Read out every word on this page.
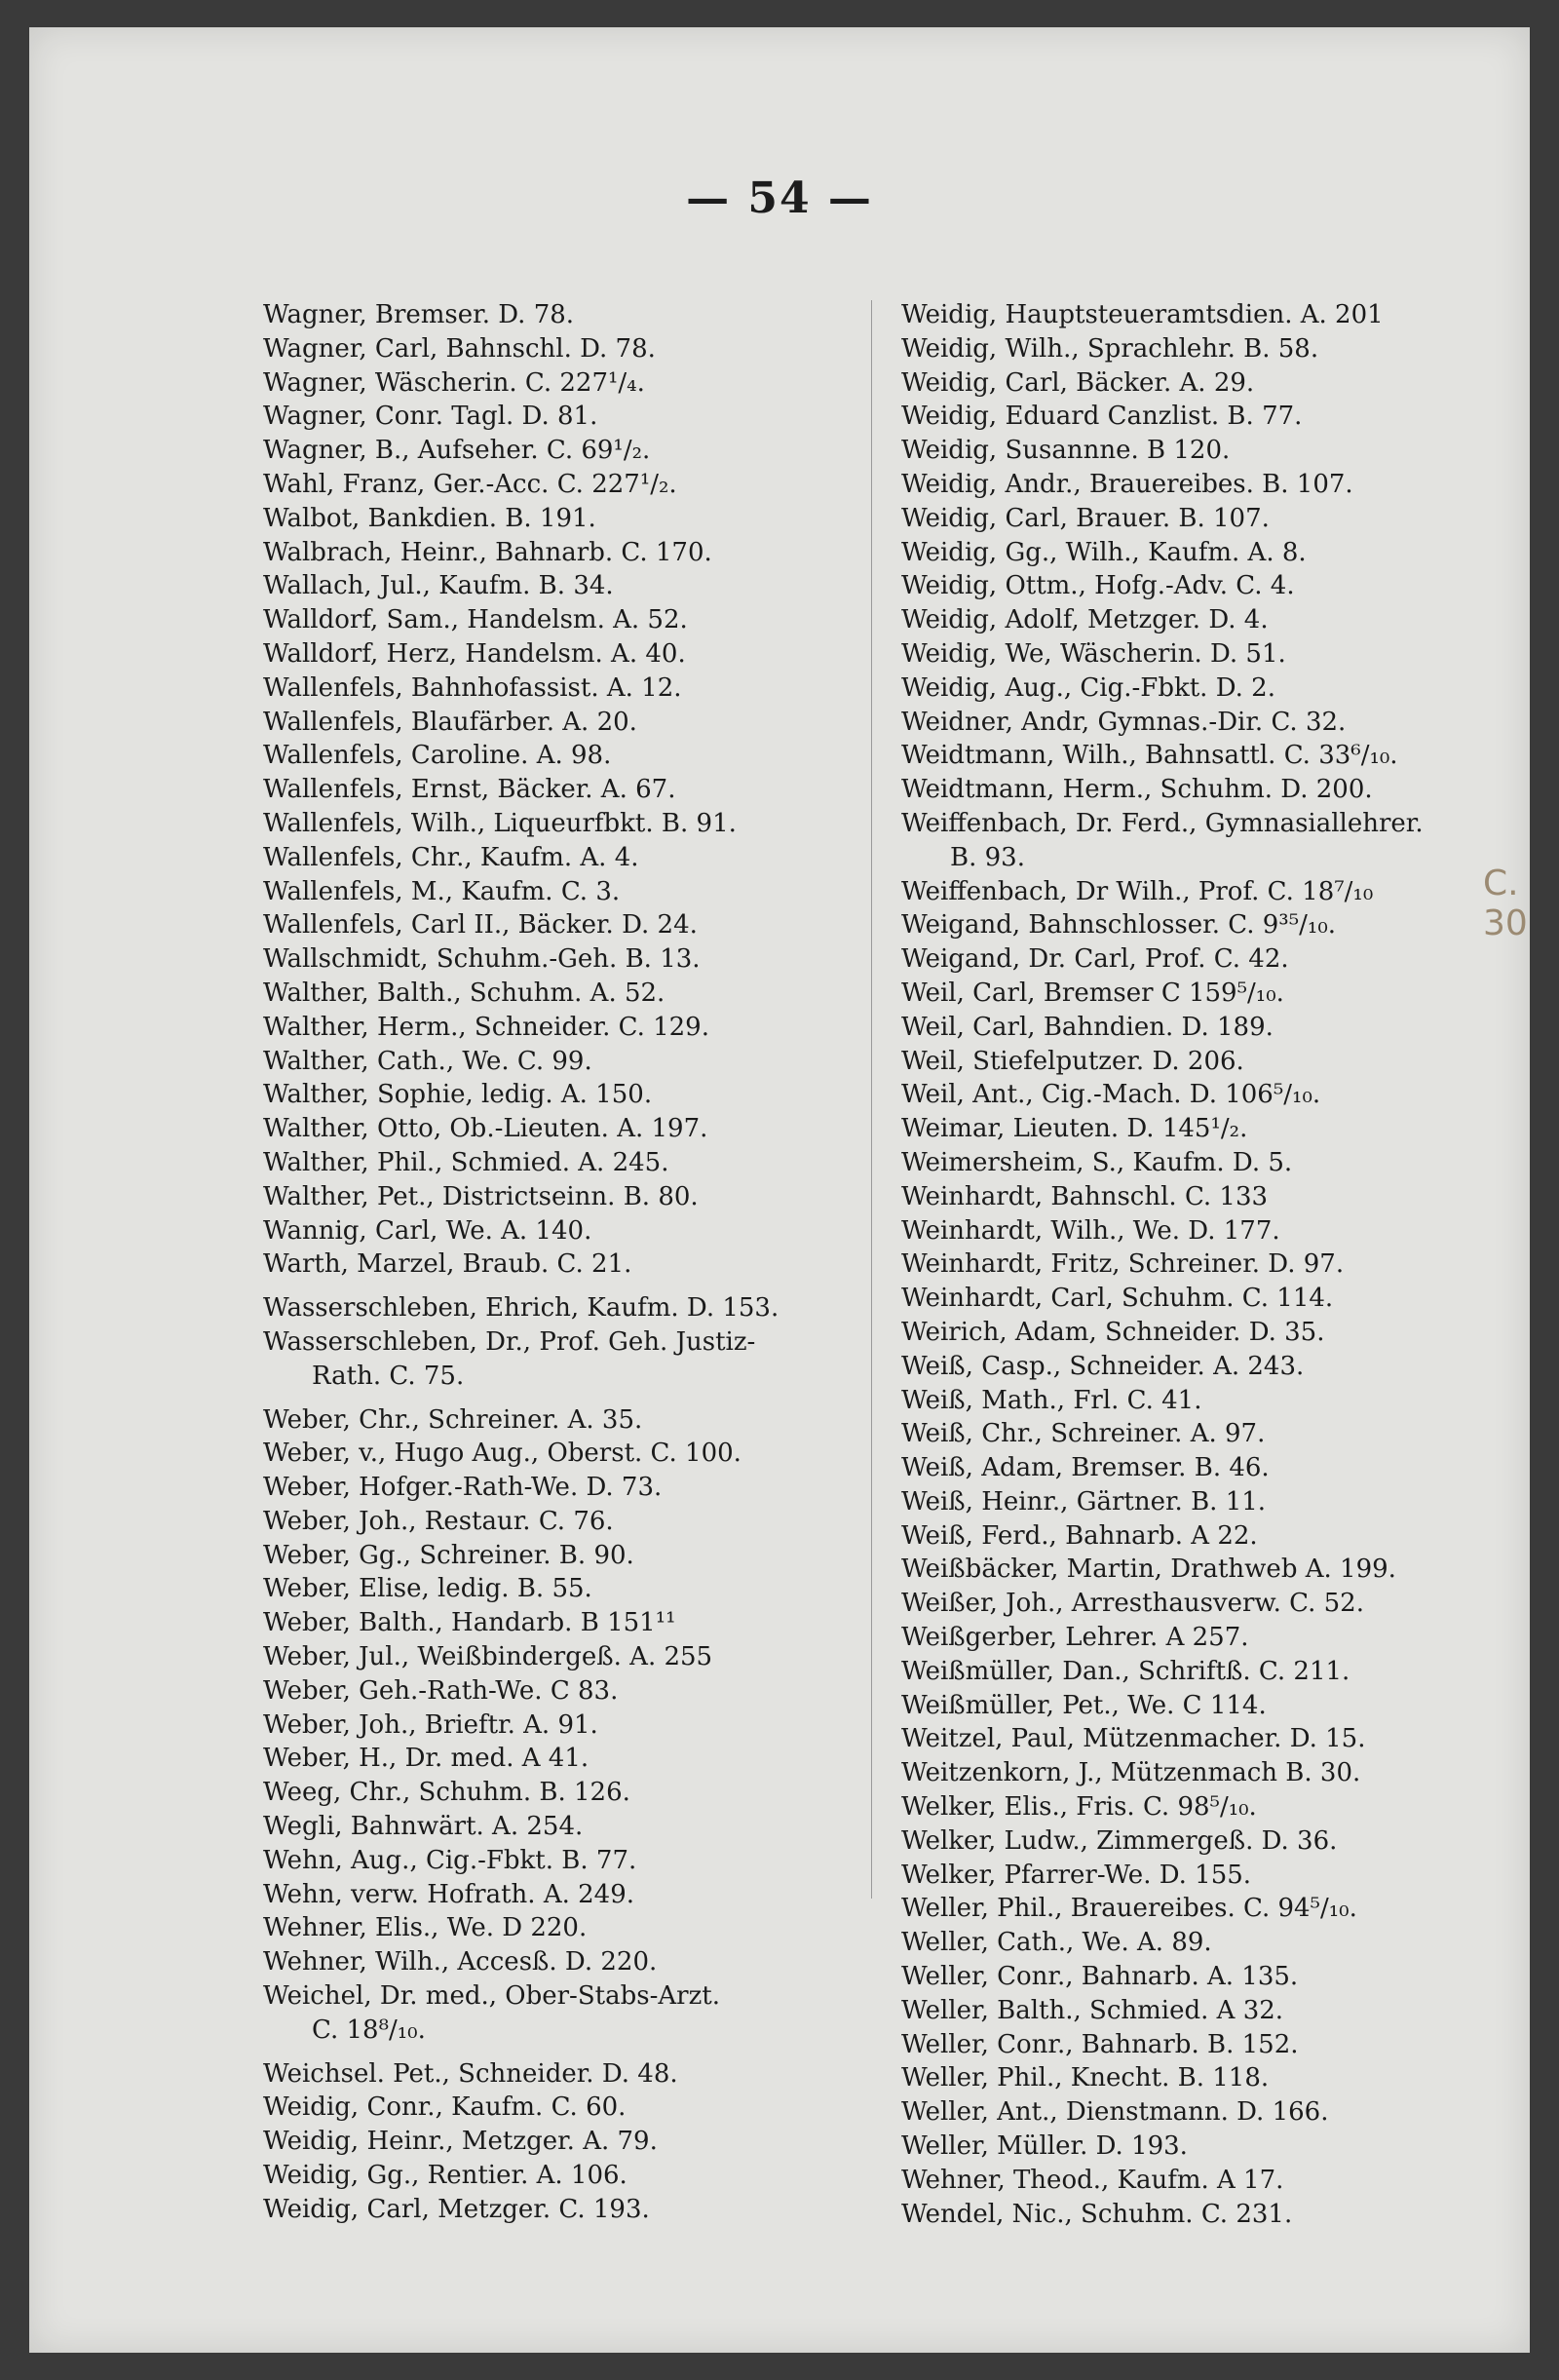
— 54 —
Wagner, Bremser. D. 78.
Wagner, Carl, Bahnschl. D. 78.
Wagner, Wäscherin. C. 227¹/₄.
Wagner, Conr. Tagl. D. 81.
Wagner, B., Aufseher. C. 69¹/₂.
Wahl, Franz, Ger.-Acc. C. 227¹/₂.
Walbot, Bankdien. B. 191.
Walbrach, Heinr., Bahnarb. C. 170.
Wallach, Jul., Kaufm. B. 34.
Walldorf, Sam., Handelsm. A. 52.
Walldorf, Herz, Handelsm. A. 40.
Wallenfels, Bahnhofassist. A. 12.
Wallenfels, Blaufärber. A. 20.
Wallenfels, Caroline. A. 98.
Wallenfels, Ernst, Bäcker. A. 67.
Wallenfels, Wilh., Liqueurfbkt. B. 91.
Wallenfels, Chr., Kaufm. A. 4.
Wallenfels, M., Kaufm. C. 3.
Wallenfels, Carl II., Bäcker. D. 24.
Wallschmidt, Schuhm.-Geh. B. 13.
Walther, Balth., Schuhm. A. 52.
Walther, Herm., Schneider. C. 129.
Walther, Cath., We. C. 99.
Walther, Sophie, ledig. A. 150.
Walther, Otto, Ob.-Lieuten. A. 197.
Walther, Phil., Schmied. A. 245.
Walther, Pet., Districtseinn. B. 80.
Wannig, Carl, We. A. 140.
Warth, Marzel, Braub. C. 21.
Wasserschleben, Ehrich, Kaufm. D. 153.
Wasserschleben, Dr., Prof. Geh. Justiz-
Rath. C. 75.
Weber, Chr., Schreiner. A. 35.
Weber, v., Hugo Aug., Oberst. C. 100.
Weber, Hofger.-Rath-We. D. 73.
Weber, Joh., Restaur. C. 76.
Weber, Gg., Schreiner. B. 90.
Weber, Elise, ledig. B. 55.
Weber, Balth., Handarb. B 151¹¹
Weber, Jul., Weißbindergeß. A. 255
Weber, Geh.-Rath-We. C 83.
Weber, Joh., Brieftr. A. 91.
Weber, H., Dr. med. A 41.
Weeg, Chr., Schuhm. B. 126.
Wegli, Bahnwärt. A. 254.
Wehn, Aug., Cig.-Fbkt. B. 77.
Wehn, verw. Hofrath. A. 249.
Wehner, Elis., We. D 220.
Wehner, Wilh., Accesß. D. 220.
Weichel, Dr. med., Ober-Stabs-Arzt.
C. 18⁸/₁₀.
Weichsel. Pet., Schneider. D. 48.
Weidig, Conr., Kaufm. C. 60.
Weidig, Heinr., Metzger. A. 79.
Weidig, Gg., Rentier. A. 106.
Weidig, Carl, Metzger. C. 193.
Weidig, Hauptsteueramtsdien. A. 201
Weidig, Wilh., Sprachlehr. B. 58.
Weidig, Carl, Bäcker. A. 29.
Weidig, Eduard Canzlist. B. 77.
Weidig, Susannne. B 120.
Weidig, Andr., Brauereibes. B. 107.
Weidig, Carl, Brauer. B. 107.
Weidig, Gg., Wilh., Kaufm. A. 8.
Weidig, Ottm., Hofg.-Adv. C. 4.
Weidig, Adolf, Metzger. D. 4.
Weidig, We, Wäscherin. D. 51.
Weidig, Aug., Cig.-Fbkt. D. 2.
Weidner, Andr, Gymnas.-Dir. C. 32.
Weidtmann, Wilh., Bahnsattl. C. 33⁶/₁₀.
Weidtmann, Herm., Schuhm. D. 200.
Weiffenbach, Dr. Ferd., Gymnasiallehrer.
B. 93.
Weiffenbach, Dr Wilh., Prof. C. 18⁷/₁₀
Weigand, Bahnschlosser. C. 9³⁵/₁₀.
Weigand, Dr. Carl, Prof. C. 42.
Weil, Carl, Bremser C 159⁵/₁₀.
Weil, Carl, Bahndien. D. 189.
Weil, Stiefelputzer. D. 206.
Weil, Ant., Cig.-Mach. D. 106⁵/₁₀.
Weimar, Lieuten. D. 145¹/₂.
Weimersheim, S., Kaufm. D. 5.
Weinhardt, Bahnschl. C. 133
Weinhardt, Wilh., We. D. 177.
Weinhardt, Fritz, Schreiner. D. 97.
Weinhardt, Carl, Schuhm. C. 114.
Weirich, Adam, Schneider. D. 35.
Weiß, Casp., Schneider. A. 243.
Weiß, Math., Frl. C. 41.
Weiß, Chr., Schreiner. A. 97.
Weiß, Adam, Bremser. B. 46.
Weiß, Heinr., Gärtner. B. 11.
Weiß, Ferd., Bahnarb. A 22.
Weißbäcker, Martin, Drathweb A. 199.
Weißer, Joh., Arresthausverw. C. 52.
Weißgerber, Lehrer. A 257.
Weißmüller, Dan., Schriftß. C. 211.
Weißmüller, Pet., We. C 114.
Weitzel, Paul, Mützenmacher. D. 15.
Weitzenkorn, J., Mützenmach B. 30.
Welker, Elis., Fris. C. 98⁵/₁₀.
Welker, Ludw., Zimmergeß. D. 36.
Welker, Pfarrer-We. D. 155.
Weller, Phil., Brauereibes. C. 94⁵/₁₀.
Weller, Cath., We. A. 89.
Weller, Conr., Bahnarb. A. 135.
Weller, Balth., Schmied. A 32.
Weller, Conr., Bahnarb. B. 152.
Weller, Phil., Knecht. B. 118.
Weller, Ant., Dienstmann. D. 166.
Weller, Müller. D. 193.
Wehner, Theod., Kaufm. A 17.
Wendel, Nic., Schuhm. C. 231.
C. 30
